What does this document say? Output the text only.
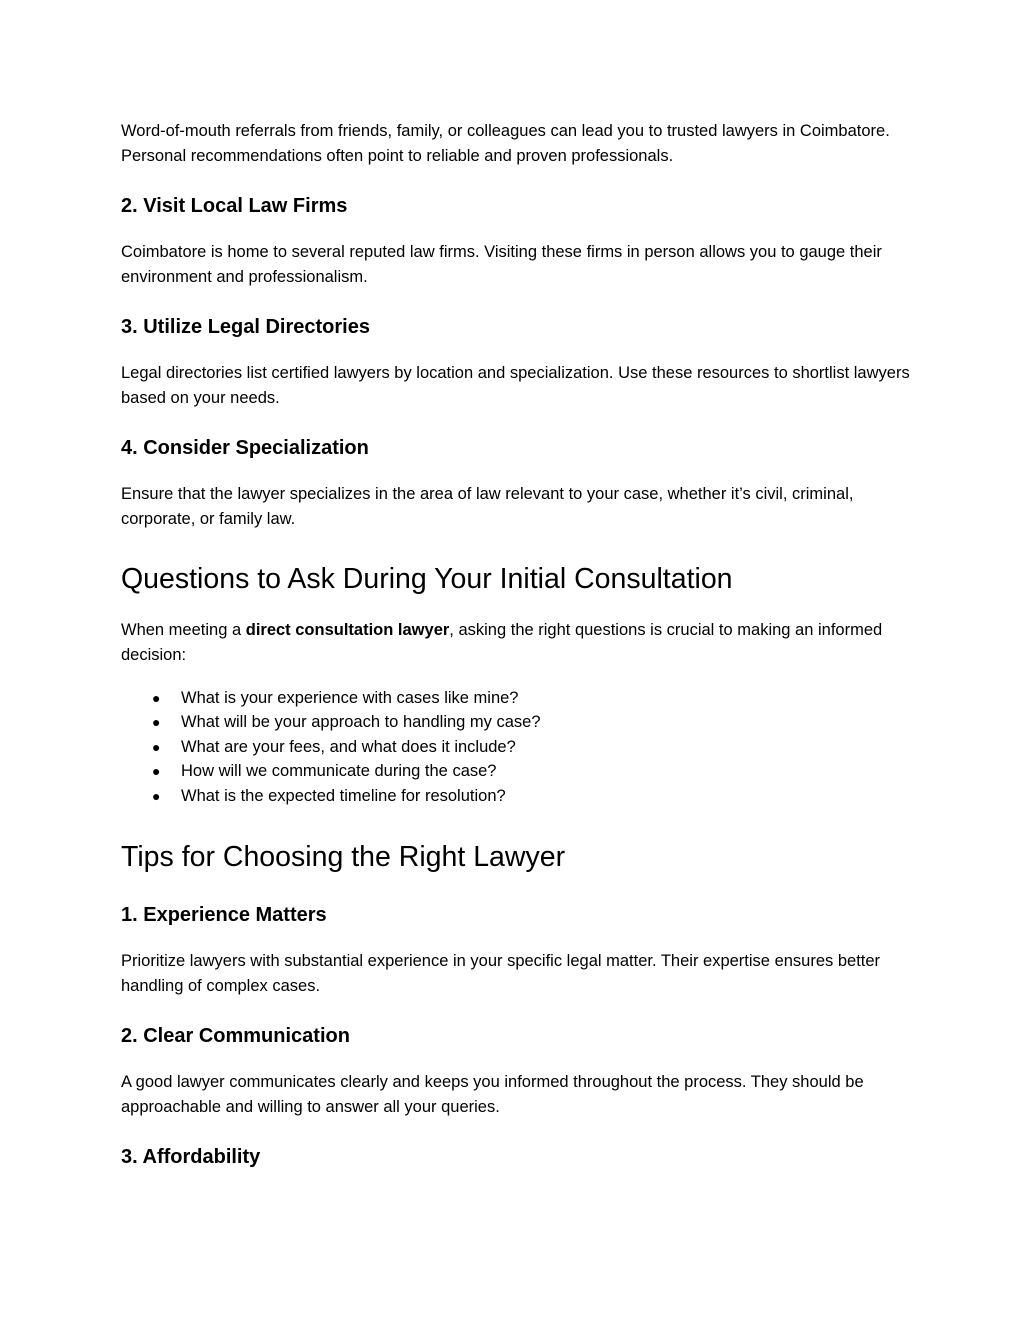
Word-of-mouth referrals from friends, family, or colleagues can lead you to trusted lawyers in Coimbatore. Personal recommendations often point to reliable and proven professionals.

2. Visit Local Law Firms

Coimbatore is home to several reputed law firms. Visiting these firms in person allows you to gauge their environment and professionalism.

3. Utilize Legal Directories

Legal directories list certified lawyers by location and specialization. Use these resources to shortlist lawyers based on your needs.

4. Consider Specialization

Ensure that the lawyer specializes in the area of law relevant to your case, whether it’s civil, criminal, corporate, or family law.

Questions to Ask During Your Initial Consultation

When meeting a direct consultation lawyer, asking the right questions is crucial to making an informed decision:

● What is your experience with cases like mine?
● What will be your approach to handling my case?
● What are your fees, and what does it include?
● How will we communicate during the case?
● What is the expected timeline for resolution?
Tips for Choosing the Right Lawyer
1. Experience Matters

Prioritize lawyers with substantial experience in your specific legal matter. Their expertise ensures better handling of complex cases.

2. Clear Communication

A good lawyer communicates clearly and keeps you informed throughout the process. They should be approachable and willing to answer all your queries.

3. Affordability
